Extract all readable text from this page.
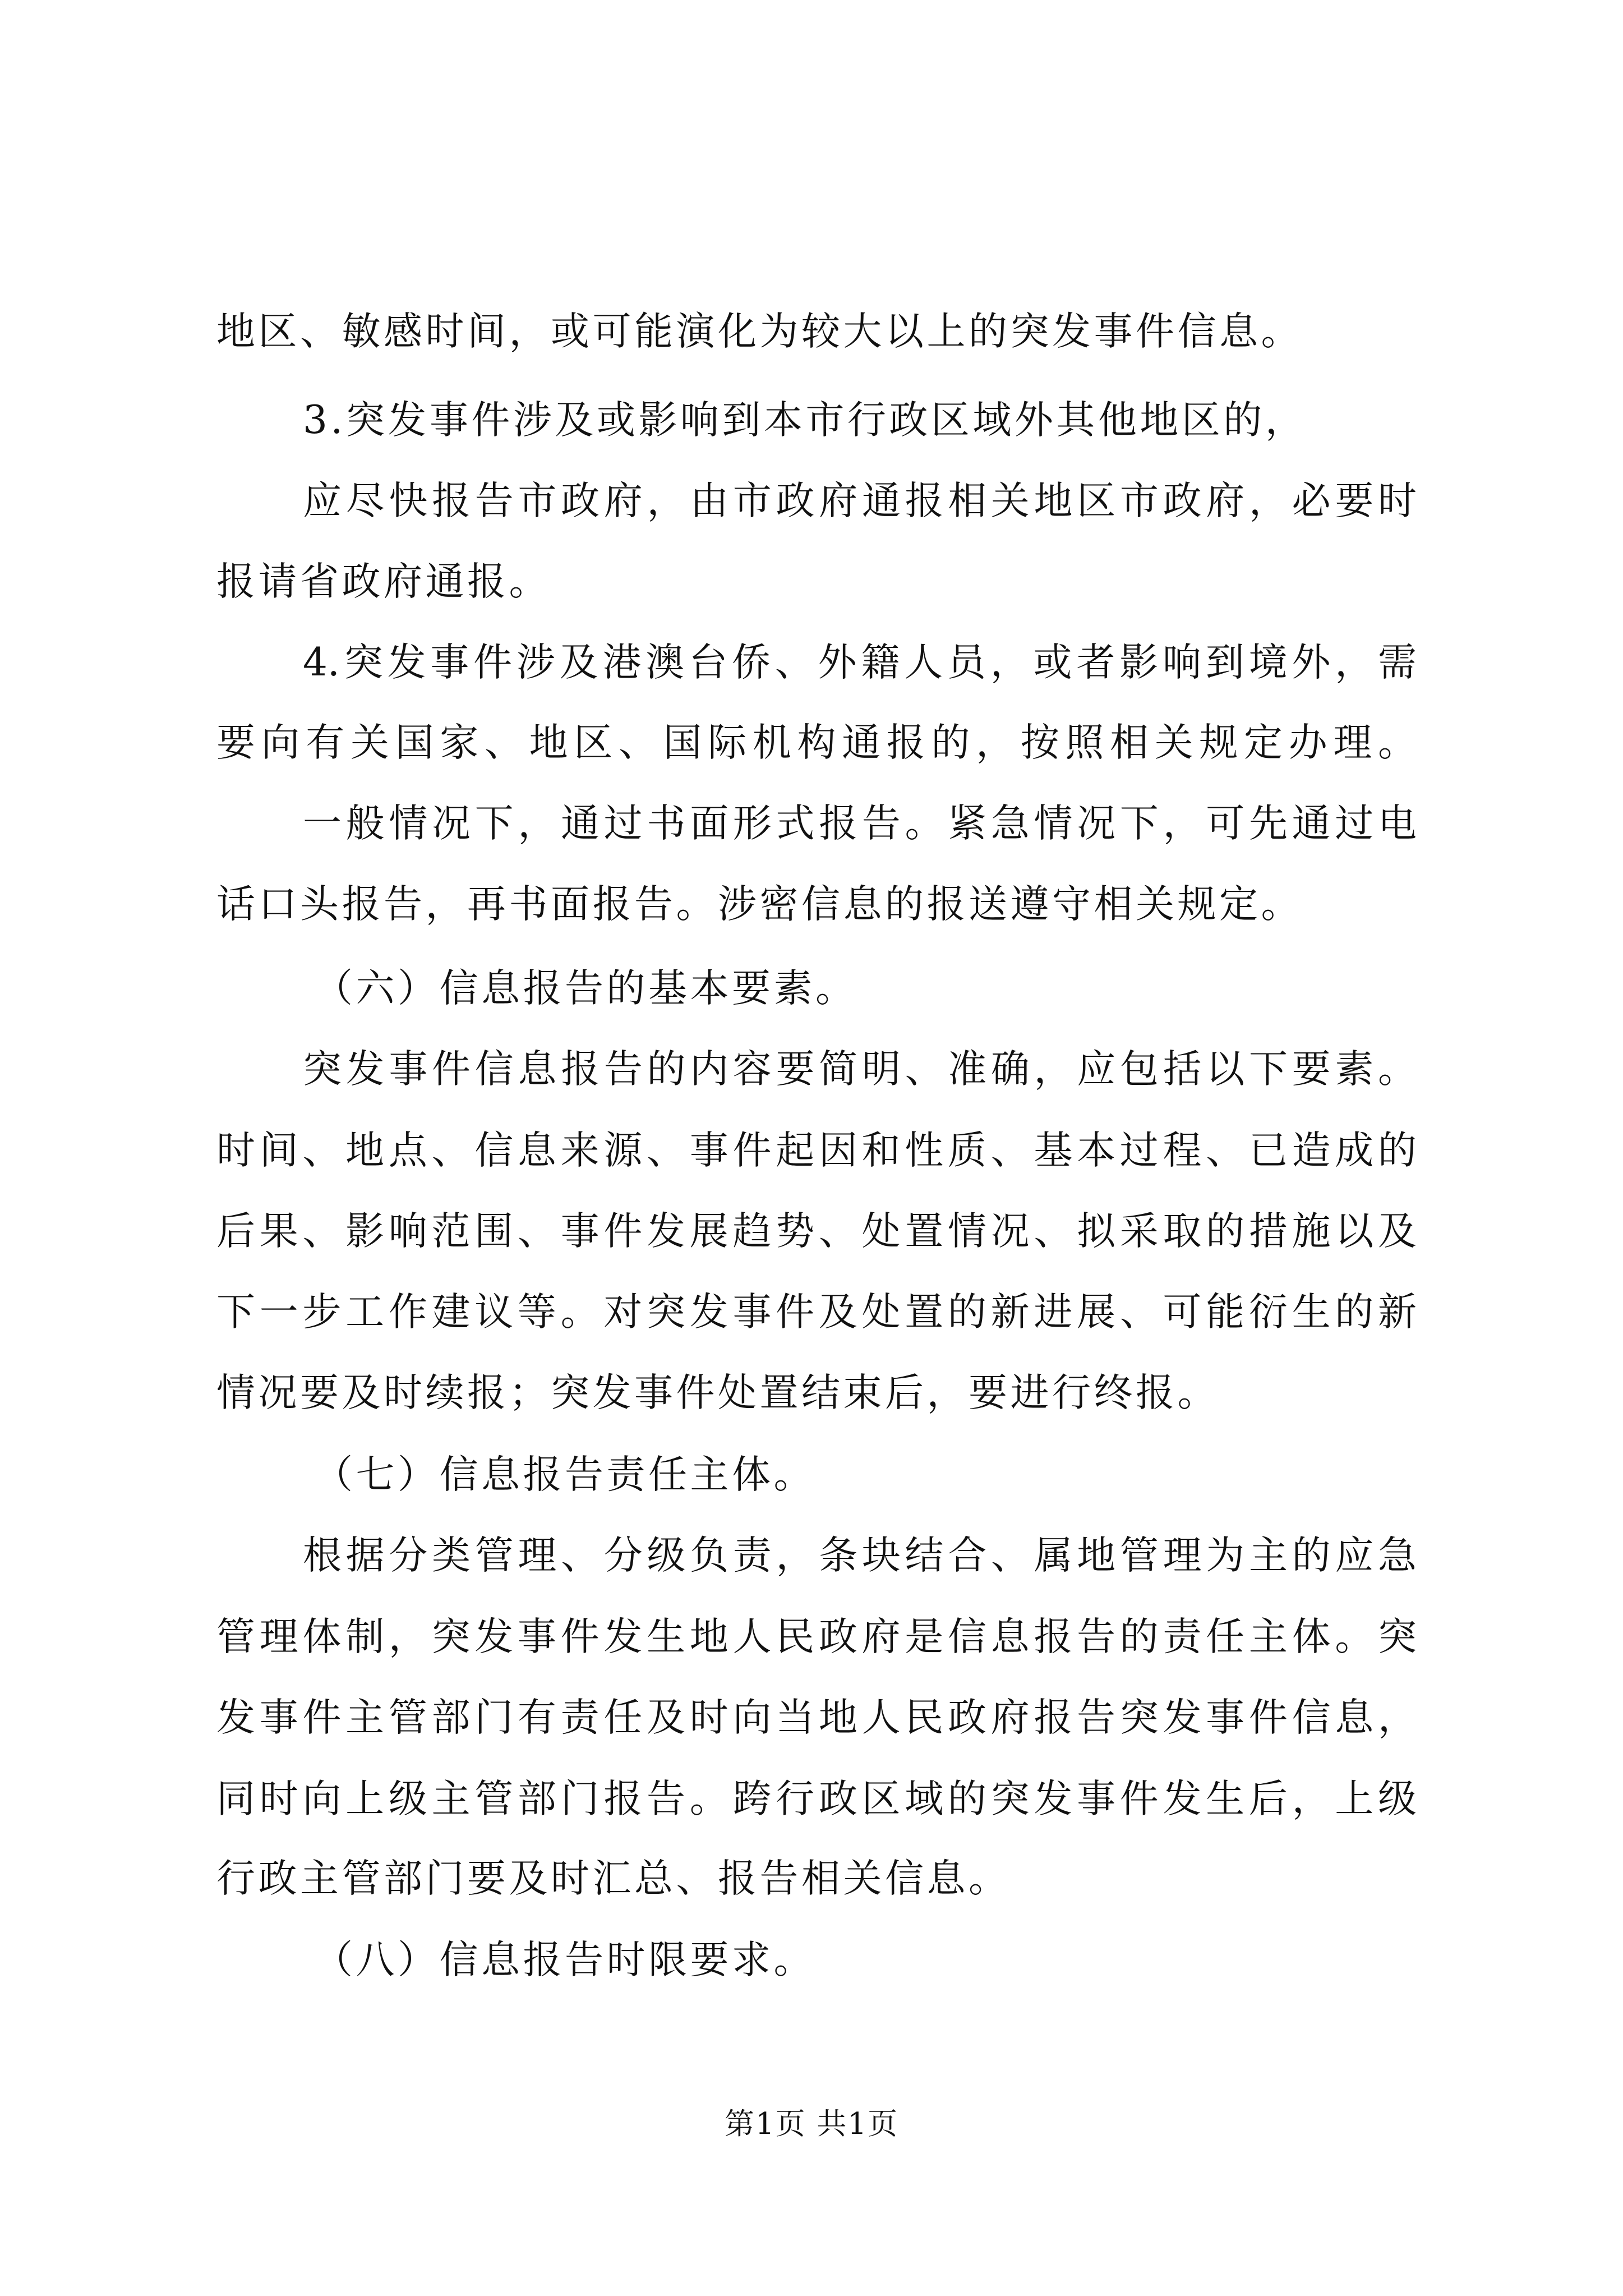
地区、敏感时间，或可能演化为较大以上的突发事件信息。
3.突发事件涉及或影响到本市行政区域外其他地区的，
应尽快报告市政府，由市政府通报相关地区市政府，必要时
报请省政府通报。
4.突发事件涉及港澳台侨、外籍人员，或者影响到境外，需
要向有关国家、地区、国际机构通报的，按照相关规定办理。
一般情况下，通过书面形式报告。紧急情况下，可先通过电
话口头报告，再书面报告。涉密信息的报送遵守相关规定。
（六）信息报告的基本要素。
突发事件信息报告的内容要简明、准确，应包括以下要素。
时间、地点、信息来源、事件起因和性质、基本过程、已造成的
后果、影响范围、事件发展趋势、处置情况、拟采取的措施以及
下一步工作建议等。对突发事件及处置的新进展、可能衍生的新
情况要及时续报；突发事件处置结束后，要进行终报。
（七）信息报告责任主体。
根据分类管理、分级负责，条块结合、属地管理为主的应急
管理体制，突发事件发生地人民政府是信息报告的责任主体。突
发事件主管部门有责任及时向当地人民政府报告突发事件信息，
同时向上级主管部门报告。跨行政区域的突发事件发生后，上级
行政主管部门要及时汇总、报告相关信息。
（八）信息报告时限要求。
第1页 共1页
